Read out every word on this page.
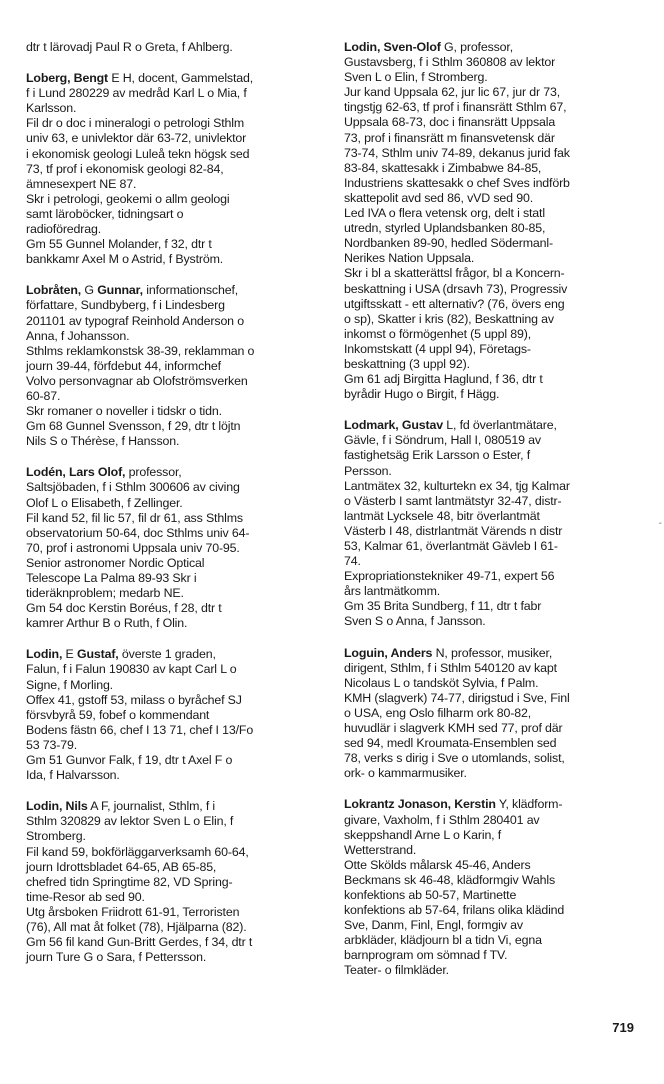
dtr t lärovadj Paul R o Greta, f Ahlberg.
Loberg, Bengt E H, docent, Gammelstad,
f i Lund 280229 av medråd Karl L o Mia, f
Karlsson.
Fil dr o doc i mineralogi o petrologi Sthlm
univ 63, e univlektor där 63-72, univlektor
i ekonomisk geologi Luleå tekn högsk sed
73, tf prof i ekonomisk geologi 82-84,
ämnesexpert NE 87.
Skr i petrologi, geokemi o allm geologi
samt läroböcker, tidningsart o
radioföredrag.
Gm 55 Gunnel Molander, f 32, dtr t
bankkamr Axel M o Astrid, f Byström.
Lobråten, G Gunnar, informationschef,
författare, Sundbyberg, f i Lindesberg
201101 av typograf Reinhold Anderson o
Anna, f Johansson.
Sthlms reklamkonstsk 38-39, reklamman o
journ 39-44, förfdebut 44, informchef
Volvo personvagnar ab Olofströmsverken
60-87.
Skr romaner o noveller i tidskr o tidn.
Gm 68 Gunnel Svensson, f 29, dtr t löjtn
Nils S o Thérèse, f Hansson.
Lodén, Lars Olof, professor,
Saltsjöbaden, f i Sthlm 300606 av civing
Olof L o Elisabeth, f Zellinger.
Fil kand 52, fil lic 57, fil dr 61, ass Sthlms
observatorium 50-64, doc Sthlms univ 64-
70, prof i astronomi Uppsala univ 70-95.
Senior astronomer Nordic Optical
Telescope La Palma 89-93 Skr i
tideräknproblem; medarb NE.
Gm 54 doc Kerstin Boréus, f 28, dtr t
kamrer Arthur B o Ruth, f Olin.
Lodin, E Gustaf, överste 1 graden,
Falun, f i Falun 190830 av kapt Carl L o
Signe, f Morling.
Offex 41, gstoff 53, milass o byråchef SJ
försvbyrå 59, fobef o kommendant
Bodens fästn 66, chef I 13 71, chef I 13/Fo
53 73-79.
Gm 51 Gunvor Falk, f 19, dtr t Axel F o
Ida, f Halvarsson.
Lodin, Nils A F, journalist, Sthlm, f i
Sthlm 320829 av lektor Sven L o Elin, f
Stromberg.
Fil kand 59, bokförläggarverksamh 60-64,
journ Idrottsbladet 64-65, AB 65-85,
chefred tidn Springtime 82, VD Spring-
time-Resor ab sed 90.
Utg årsboken Friidrott 61-91, Terroristen
(76), All mat åt folket (78), Hjälparna (82).
Gm 56 fil kand Gun-Britt Gerdes, f 34, dtr t
journ Ture G o Sara, f Pettersson.
Lodin, Sven-Olof G, professor,
Gustavsberg, f i Sthlm 360808 av lektor
Sven L o Elin, f Stromberg.
Jur kand Uppsala 62, jur lic 67, jur dr 73,
tingstjg 62-63, tf prof i finansrätt Sthlm 67,
Uppsala 68-73, doc i finansrätt Uppsala
73, prof i finansrätt m finansvetensk där
73-74, Sthlm univ 74-89, dekanus jurid fak
83-84, skattesakk i Zimbabwe 84-85,
Industriens skattesakk o chef Sves indförb
skattepolit avd sed 86, vVD sed 90.
Led IVA o flera vetensk org, delt i statl
utredn, styrled Uplandsbanken 80-85,
Nordbanken 89-90, hedled Södermanl-
Nerikes Nation Uppsala.
Skr i bl a skatterättsl frågor, bl a Koncern-
beskattning i USA (drsavh 73), Progressiv
utgiftsskatt - ett alternativ? (76, övers eng
o sp), Skatter i kris (82), Beskattning av
inkomst o förmögenhet (5 uppl 89),
Inkomstskatt (4 uppl 94), Företags-
beskattning (3 uppl 92).
Gm 61 adj Birgitta Haglund, f 36, dtr t
byrådir Hugo o Birgit, f Hägg.
Lodmark, Gustav L, fd överlantmätare,
Gävle, f i Söndrum, Hall I, 080519 av
fastighetsäg Erik Larsson o Ester, f
Persson.
Lantmätex 32, kulturtekn ex 34, tjg Kalmar
o Västerb I samt lantmätstyr 32-47, distr-
lantmät Lycksele 48, bitr överlantmät
Västerb I 48, distrlantmät Värends n distr
53, Kalmar 61, överlantmät Gävleb I 61-
74.
Expropriationstekniker 49-71, expert 56
års lantmätkomm.
Gm 35 Brita Sundberg, f 11, dtr t fabr
Sven S o Anna, f Jansson.
Loguin, Anders N, professor, musiker,
dirigent, Sthlm, f i Sthlm 540120 av kapt
Nicolaus L o tandsköt Sylvia, f Palm.
KMH (slagverk) 74-77, dirigstud i Sve, Finl
o USA, eng Oslo filharm ork 80-82,
huvudlär i slagverk KMH sed 77, prof där
sed 94, medl Kroumata-Ensemblen sed
78, verks s dirig i Sve o utomlands, solist,
ork- o kammarmusiker.
Lokrantz Jonason, Kerstin Y, klädform-
givare, Vaxholm, f i Sthlm 280401 av
skeppshandl Arne L o Karin, f
Wetterstrand.
Otte Skölds målarsk 45-46, Anders
Beckmans sk 46-48, klädformgiv Wahls
konfektions ab 50-57, Martinette
konfektions ab 57-64, frilans olika klädind
Sve, Danm, Finl, Engl, formgiv av
arbkläder, klädjourn bl a tidn Vi, egna
barnprogram om sömnad f TV.
Teater- o filmkläder.
-
719
